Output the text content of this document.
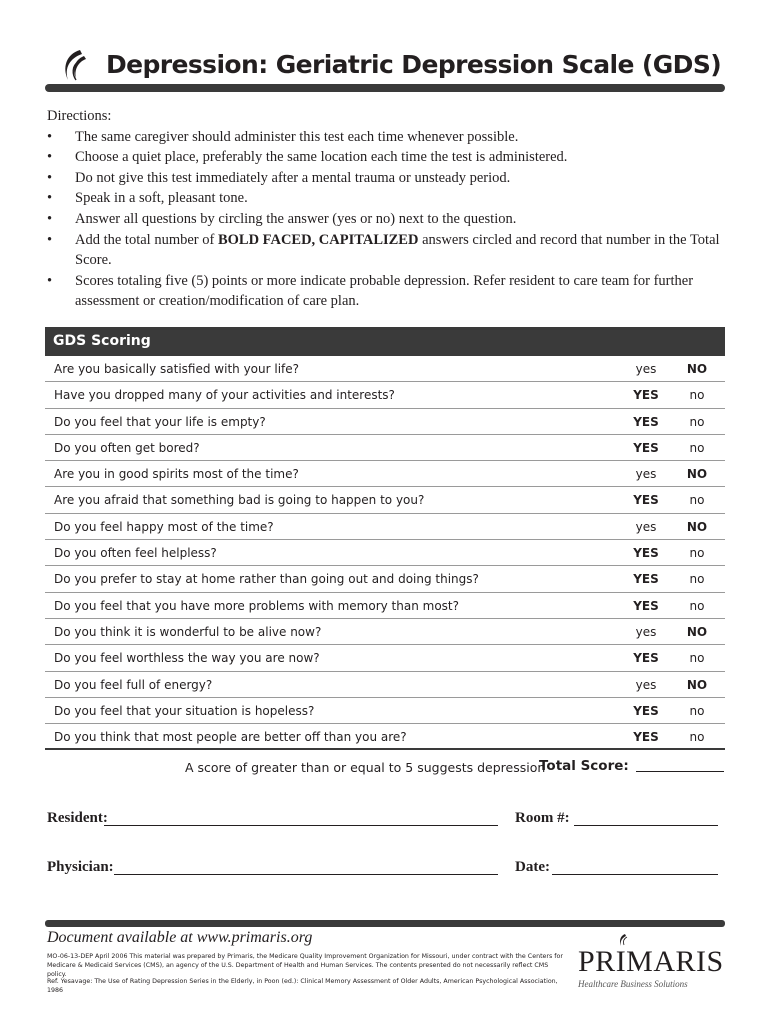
Depression: Geriatric Depression Scale (GDS)
Directions:
• The same caregiver should administer this test each time whenever possible.
• Choose a quiet place, preferably the same location each time the test is administered.
• Do not give this test immediately after a mental trauma or unsteady period.
• Speak in a soft, pleasant tone.
• Answer all questions by circling the answer (yes or no) next to the question.
• Add the total number of BOLD FACED, CAPITALIZED answers circled and record that number in the Total Score.
• Scores totaling five (5) points or more indicate probable depression. Refer resident to care team for further assessment or creation/modification of care plan.
GDS Scoring
Are you basically satisfied with your life?	yes	NO
Have you dropped many of your activities and interests?	YES	no
Do you feel that your life is empty?	YES	no
Do you often get bored?	YES	no
Are you in good spirits most of the time?	yes	NO
Are you afraid that something bad is going to happen to you?	YES	no
Do you feel happy most of the time?	yes	NO
Do you often feel helpless?	YES	no
Do you prefer to stay at home rather than going out and doing things?	YES	no
Do you feel that you have more problems with memory than most?	YES	no
Do you think it is wonderful to be alive now?	yes	NO
Do you feel worthless the way you are now?	YES	no
Do you feel full of energy?	yes	NO
Do you feel that your situation is hopeless?	YES	no
Do you think that most people are better off than you are?	YES	no
A score of greater than or equal to 5 suggests depression
Total Score:
Resident:	Room #:
Physician:	Date:
Document available at www.primaris.org
MO-06-13-DEP April 2006 This material was prepared by Primaris, the Medicare Quality Improvement Organization for Missouri, under contract with the Centers for
Medicare & Medicaid Services (CMS), an agency of the U.S. Department of Health and Human Services. The contents presented do not necessarily reflect CMS policy.
Ref. Yesavage: The Use of Rating Depression Series in the Elderly, in Poon (ed.): Clinical Memory Assessment of Older Adults, American Psychological Association, 1986
PRIMARIS
Healthcare Business Solutions
